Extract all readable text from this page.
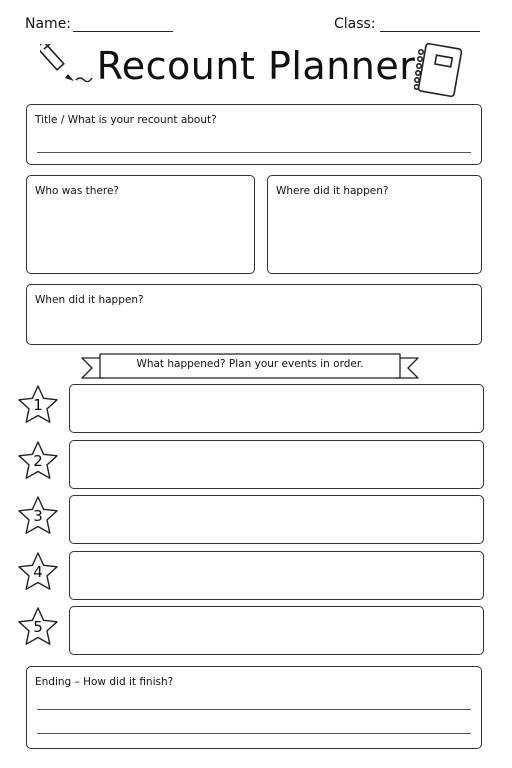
Name:	Class:
Recount Planner
Title / What is your recount about?
Who was there?	Where did it happen?
When did it happen?
What happened? Plan your events in order.
1
2
3
4
5
Ending – How did it finish?
